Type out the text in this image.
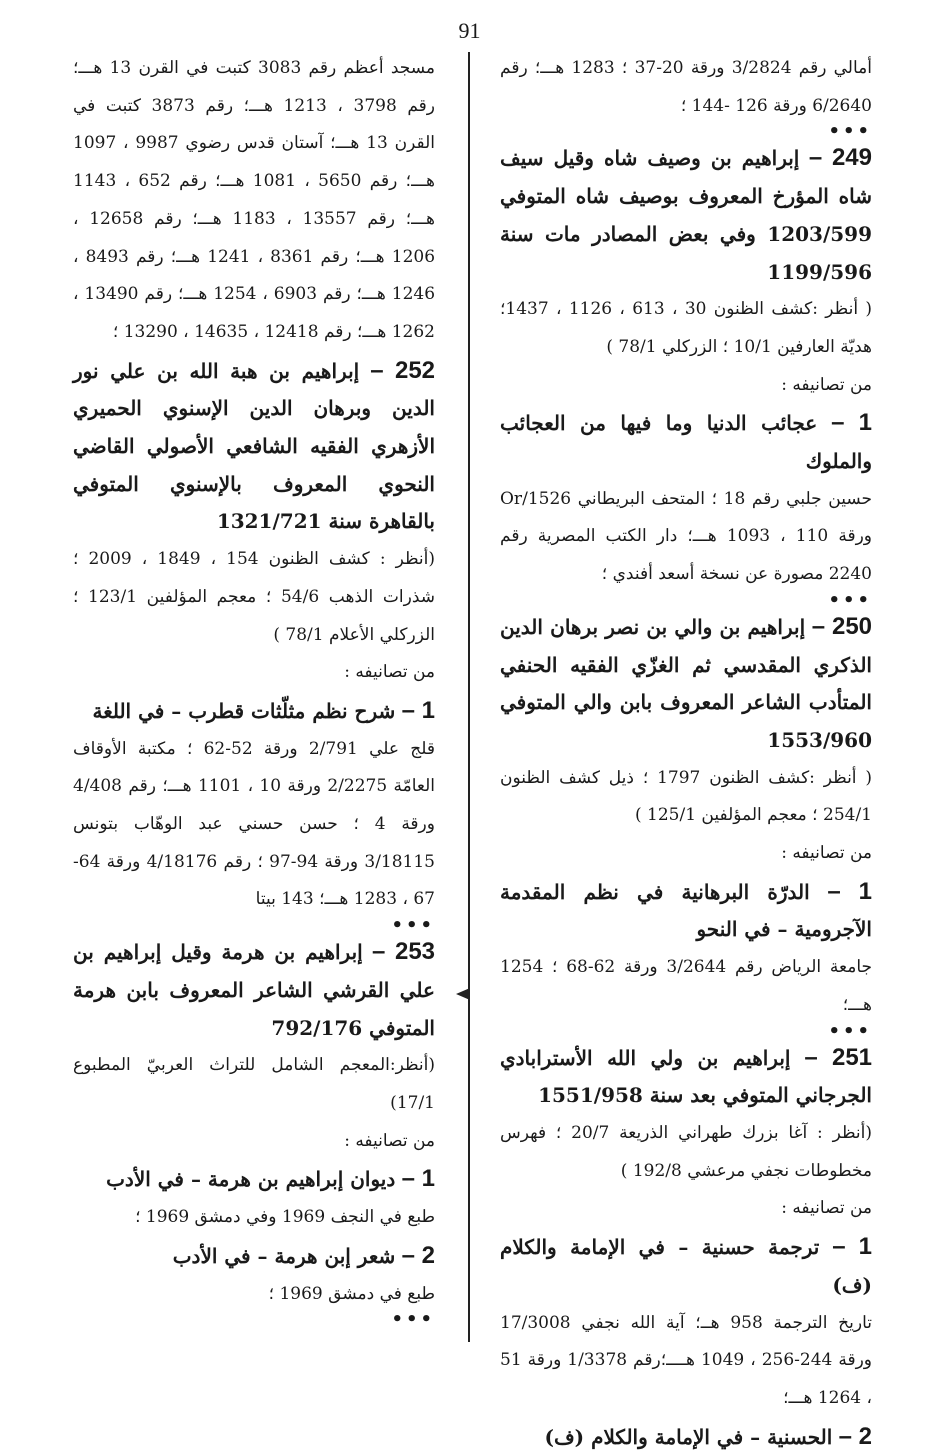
91

أمالي رقم 3/2824 ورقة 20-37 ؛ 1283 هـــ؛ رقم 6/2640 ورقة 126 -144 ؛

•••

249 – إبراهيم بن وصيف شاه وقيل سيف شاه المؤرخ المعروف بوصيف شاه المتوفي 1203/599 وفي بعض المصادر مات سنة 1199/596

( أنظر :كشف الظنون 30 ، 613 ، 1126 ، 1437؛ هديّة العارفين 10/1 ؛ الزركلي 78/1 )

من تصانيفه :

1 – عجائب الدنيا وما فيها من العجائب والملوك

حسين جلبي رقم 18 ؛ المتحف البريطاني 1526/Or ورقة 110 ، 1093 هـــ؛ دار الكتب المصرية رقم 2240 مصورة عن نسخة أسعد أفندي ؛

•••

250 – إبراهيم بن والي بن نصر برهان الدين الذكري المقدسي ثم الغزّي الفقيه الحنفي المتأدب الشاعر المعروف بابن والي المتوفي 1553/960

( أنظر :كشف الظنون 1797 ؛ ذيل كشف الظنون 254/1 ؛ معجم المؤلفين 125/1 )

من تصانيفه :

1 – الدرّة البرهانية في نظم المقدمة الآجرومية – في النحو

جامعة الرياض رقم 3/2644 ورقة 62-68 ؛ 1254 هـــ؛

•••

251 – إبراهيم بن ولي الله الأسترابادي الجرجاني المتوفي بعد سنة 1551/958

(أنظر : آغا بزرك طهراني الذريعة 20/7 ؛ فهرس مخطوطات نجفي مرعشي 192/8 )

من تصانيفه :

1 – ترجمة حسنية – في الإمامة والكلام (ف)

تاريخ الترجمة 958 هــ؛ آية الله نجفي 17/3008 ورقة 244-256 ، 1049 هــــ؛رقم 1/3378 ورقة 51 ، 1264 هـــ؛

2 – الحسنية – في الإمامة والكلام (ف)

مسجد أعظم رقم 3083 كتبت في القرن 13 هـــ؛ رقم 3798 ، 1213 هـــ؛ رقم 3873 كتبت في القرن 13 هـــ؛ آستان قدس رضوي 9987 ، 1097 هـــ؛ رقم 5650 ، 1081 هـــ؛ رقم 652 ، 1143 هـــ؛ رقم 13557 ، 1183 هـــ؛ رقم 12658 ، 1206 هـــ؛ رقم 8361 ، 1241 هـــ؛ رقم 8493 ، 1246 هـــ؛ رقم 6903 ، 1254 هـــ؛ رقم 13490 ، 1262 هـــ؛ رقم 12418 ، 14635 ، 13290 ؛

252 – إبراهيم بن هبة الله بن علي نور الدين وبرهان الدين الإسنوي الحميري الأزهري الفقيه الشافعي الأصولي القاضي النحوي المعروف بالإسنوي المتوفي بالقاهرة سنة 1321/721

(أنظر : كشف الظنون 154 ، 1849 ، 2009 ؛ شذرات الذهب 54/6 ؛ معجم المؤلفين 123/1 ؛ الزركلي الأعلام 78/1 )

من تصانيفه :

1 – شرح نظم مثلّثات قطرب – في اللغة

قلج علي 2/791 ورقة 52-62 ؛ مكتبة الأوقاف العامّة 2/2275 ورقة 10 ، 1101 هـــ؛ رقم 4/408 ورقة 4 ؛ حسن حسني عبد الوهّاب بتونس 3/18115 ورقة 94-97 ؛ رقم 4/18176 ورقة 64-67 ، 1283 هـــ؛ 143 بيتا

•••

253 – إبراهيم بن هرمة وقيل إبراهيم بن علي القرشي الشاعر المعروف بابن هرمة المتوفي 792/176

(أنظر:المعجم الشامل للتراث العربيّ المطبوع 17/1)

من تصانيفه :

1 – ديوان إبراهيم بن هرمة – في الأدب

طبع في النجف 1969 وفي دمشق 1969 ؛

2 – شعر إبن هرمة – في الأدب

طبع في دمشق 1969 ؛

•••
